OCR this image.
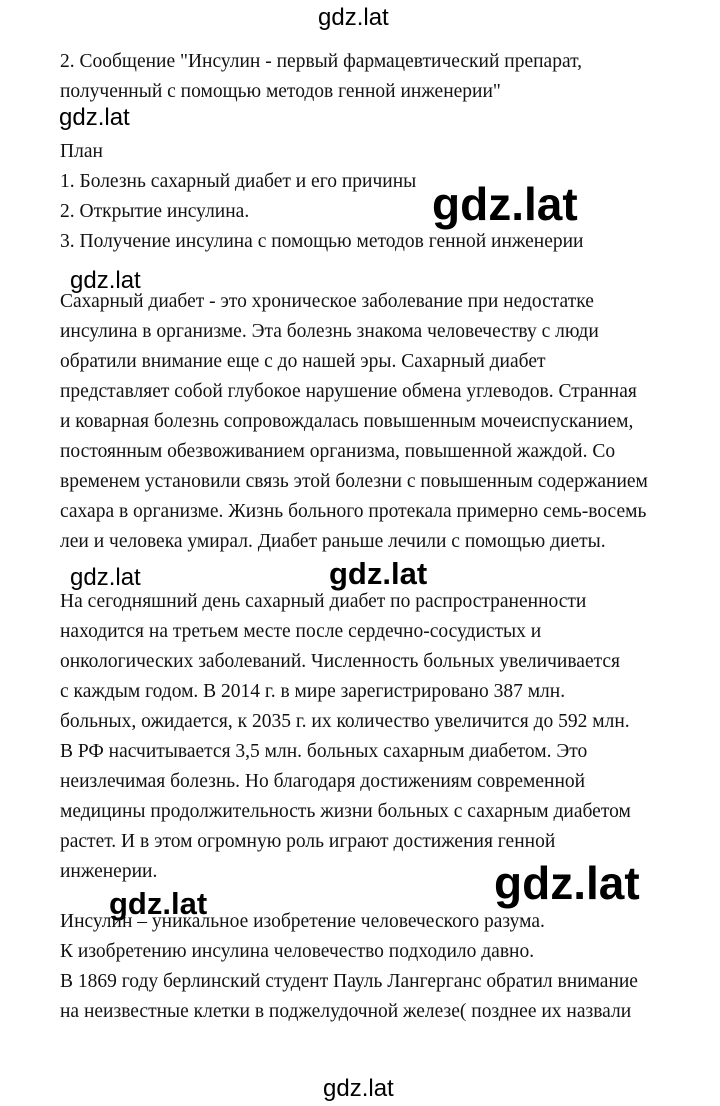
gdz.lat
gdz.lat
gdz.lat
gdz.lat
gdz.lat	gdz.lat
gdz.lat
gdz.lat
gdz.lat
2. Сообщение "Инсулин - первый фармацевтический препарат,
полученный с помощью методов генной инженерии"
План
1. Болезнь сахарный диабет и его причины
2. Открытие инсулина.
3. Получение инсулина с помощью методов генной инженерии
Сахарный диабет - это хроническое заболевание при недостатке
инсулина в организме. Эта болезнь знакома человечеству с люди
обратили внимание еще с до нашей эры. Сахарный диабет
представляет собой глубокое нарушение обмена углеводов. Странная
и коварная болезнь сопровождалась повышенным мочеиспусканием,
постоянным обезвоживанием организма, повышенной жаждой. Со
временем установили связь этой болезни с повышенным содержанием
сахара в организме. Жизнь больного протекала примерно семь-восемь
леи и человека умирал. Диабет раньше лечили с помощью диеты.
На сегодняшний день сахарный диабет по распространенности
находится на третьем месте после сердечно-сосудистых и
онкологических заболеваний. Численность больных увеличивается
с каждым годом. В 2014 г. в мире зарегистрировано 387 млн.
больных, ожидается, к 2035 г. их количество увеличится до 592 млн.
В РФ насчитывается 3,5 млн. больных сахарным диабетом. Это
неизлечимая болезнь. Но благодаря достижениям современной
медицины продолжительность жизни больных с сахарным диабетом
растет. И в этом огромную роль играют достижения генной
инженерии.
Инсулин – уникальное изобретение человеческого разума.
К изобретению инсулина человечество подходило давно.
В 1869 году берлинский студент Пауль Лангерганс обратил внимание
на неизвестные клетки в поджелудочной железе( позднее их назвали
